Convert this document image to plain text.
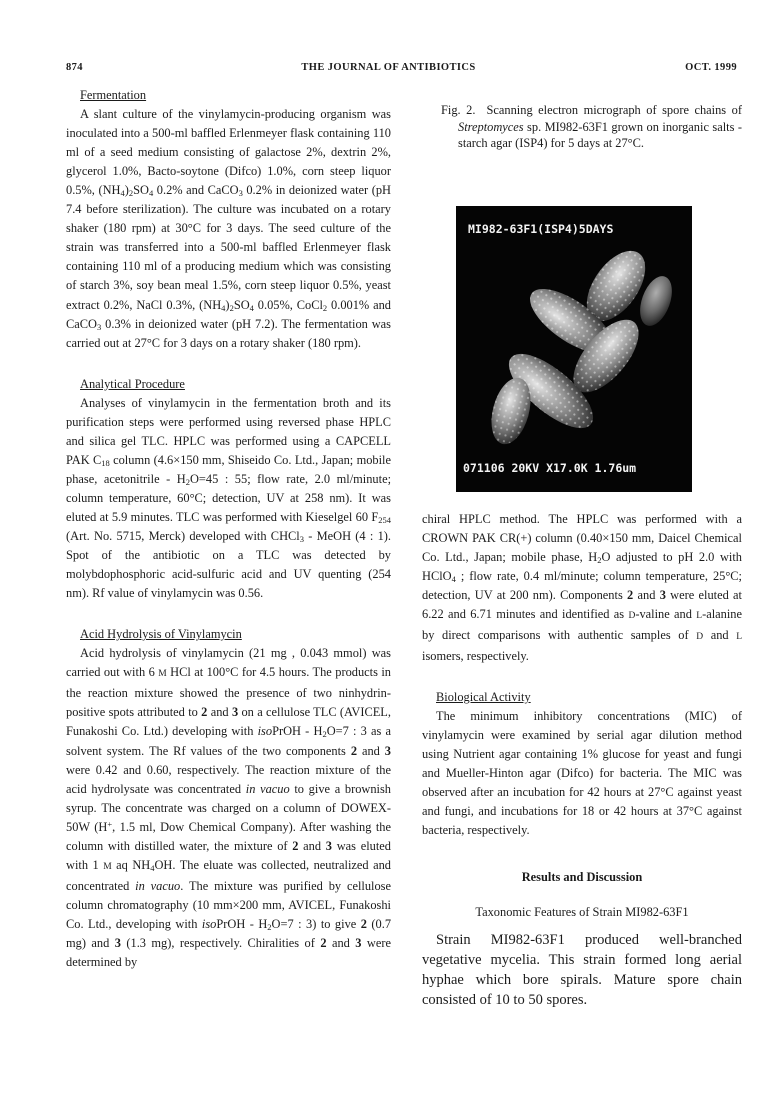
874	THE JOURNAL OF ANTIBIOTICS	OCT. 1999
Fermentation

A slant culture of the vinylamycin-producing organism was inoculated into a 500-ml baffled Erlenmeyer flask containing 110 ml of a seed medium consisting of galactose 2%, dextrin 2%, glycerol 1.0%, Bacto-soytone (Difco) 1.0%, corn steep liquor 0.5%, $(NH_4)_2SO_4$ 0.2% and CaCO$_3$ 0.2% in deionized water (pH 7.4 before sterilization). The culture was incubated on a rotary shaker (180 rpm) at 30°C for 3 days. The seed culture of the strain was transferred into a 500-ml baffled Erlenmeyer flask containing 110 ml of a producing medium which was consisting of starch 3%, soy bean meal 1.5%, corn steep liquor 0.5%, yeast extract 0.2%, NaCl 0.3%, $(NH_4)_2SO_4$ 0.05%, CoCl$_2$ 0.001% and CaCO$_3$ 0.3% in deionized water (pH 7.2). The fermentation was carried out at 27°C for 3 days on a rotary shaker (180 rpm).

Analytical Procedure

Analyses of vinylamycin in the fermentation broth and its purification steps were performed using reversed phase HPLC and silica gel TLC. HPLC was performed using a CAPCELL PAK $C_{18}$ column (4.6×150 mm, Shiseido Co. Ltd., Japan; mobile phase, acetonitrile - $H_2O=45$ : 55; flow rate, 2.0 ml/minute; column temperature, 60°C; detection, UV at 258 nm). It was eluted at 5.9 minutes. TLC was performed with Kieselgel 60 $F_{254}$ (Art. No. 5715, Merck) developed with CHCl$_3$ - MeOH (4 : 1). Spot of the antibiotic on a TLC was detected by molybdophosphoric acid-sulfuric acid and UV quenting (254 nm). Rf value of vinylamycin was 0.56.

Acid Hydrolysis of Vinylamycin

Acid hydrolysis of vinylamycin (21 mg , 0.043 mmol) was carried out with 6 M HCl at 100°C for 4.5 hours. The products in the reaction mixture showed the presence of two ninhydrin-positive spots attributed to 2 and 3 on a cellulose TLC (AVICEL, Funakoshi Co. Ltd.) developing with isoPrOH - $H_2O=7$ : 3 as a solvent system. The Rf values of the two components 2 and 3 were 0.42 and 0.60, respectively. The reaction mixture of the acid hydrolysate was concentrated in vacuo to give a brownish syrup. The concentrate was charged on a column of DOWEX-50W (H+, 1.5 ml, Dow Chemical Company). After washing the column with distilled water, the mixture of 2 and 3 was eluted with 1 M aq $NH_4OH$. The eluate was collected, neutralized and concentrated in vacuo. The mixture was purified by cellulose column chromatography (10 mm×200 mm, AVICEL, Funakoshi Co. Ltd., developing with isoPrOH - $H_2O=7$ : 3) to give 2 (0.7 mg) and 3 (1.3 mg), respectively. Chiralities of 2 and 3 were determined by

Fig. 2.  Scanning electron micrograph of spore chains of Streptomyces sp. MI982-63F1 grown on inorganic salts - starch agar (ISP4) for 5 days at 27°C.
MI982-63F1(ISP4)5DAYS
071106 20KV X17.0K 1.76um

chiral HPLC method. The HPLC was performed with a CROWN PAK CR(+) column (0.40×150 mm, Daicel Chemical Co. Ltd., Japan; mobile phase, $H_2O$ adjusted to pH 2.0 with HClO$_4$ ; flow rate, 0.4 ml/minute; column temperature, 25°C; detection, UV at 200 nm). Components 2 and 3 were eluted at 6.22 and 6.71 minutes and identified as D-valine and L-alanine by direct comparisons with authentic samples of D and L isomers, respectively.

Biological Activity

The minimum inhibitory concentrations (MIC) of vinylamycin were examined by serial agar dilution method using Nutrient agar containing 1% glucose for yeast and fungi and Mueller-Hinton agar (Difco) for bacteria. The MIC was observed after an incubation for 42 hours at 27°C against yeast and fungi, and incubations for 18 or 42 hours at 37°C against bacteria, respectively.

Results and Discussion

Taxonomic Features of Strain MI982-63F1

Strain MI982-63F1 produced well-branched vegetative mycelia. This strain formed long aerial hyphae which bore spirals. Mature spore chain consisted of 10 to 50 spores.
